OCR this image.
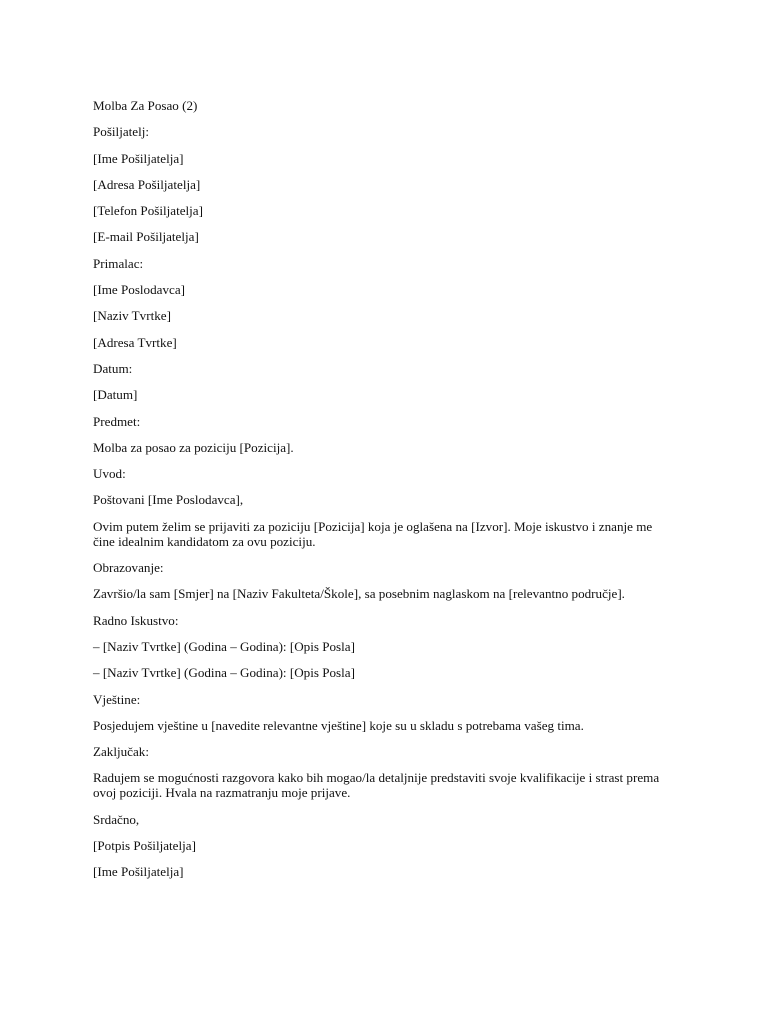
Molba Za Posao (2)

Pošiljatelj:

[Ime Pošiljatelja]

[Adresa Pošiljatelja]

[Telefon Pošiljatelja]

[E-mail Pošiljatelja]

Primalac:

[Ime Poslodavca]

[Naziv Tvrtke]

[Adresa Tvrtke]

Datum:

[Datum]

Predmet:

Molba za posao za poziciju [Pozicija].

Uvod:

Poštovani [Ime Poslodavca],

Ovim putem želim se prijaviti za poziciju [Pozicija] koja je oglašena na [Izvor]. Moje iskustvo i znanje me čine idealnim kandidatom za ovu poziciju.

Obrazovanje:

Završio/la sam [Smjer] na [Naziv Fakulteta/Škole], sa posebnim naglaskom na [relevantno područje].

Radno Iskustvo:

– [Naziv Tvrtke] (Godina – Godina): [Opis Posla]

– [Naziv Tvrtke] (Godina – Godina): [Opis Posla]

Vještine:

Posjedujem vještine u [navedite relevantne vještine] koje su u skladu s potrebama vašeg tima.

Zaključak:

Radujem se mogućnosti razgovora kako bih mogao/la detaljnije predstaviti svoje kvalifikacije i strast prema ovoj poziciji. Hvala na razmatranju moje prijave.

Srdačno,

[Potpis Pošiljatelja]

[Ime Pošiljatelja]
